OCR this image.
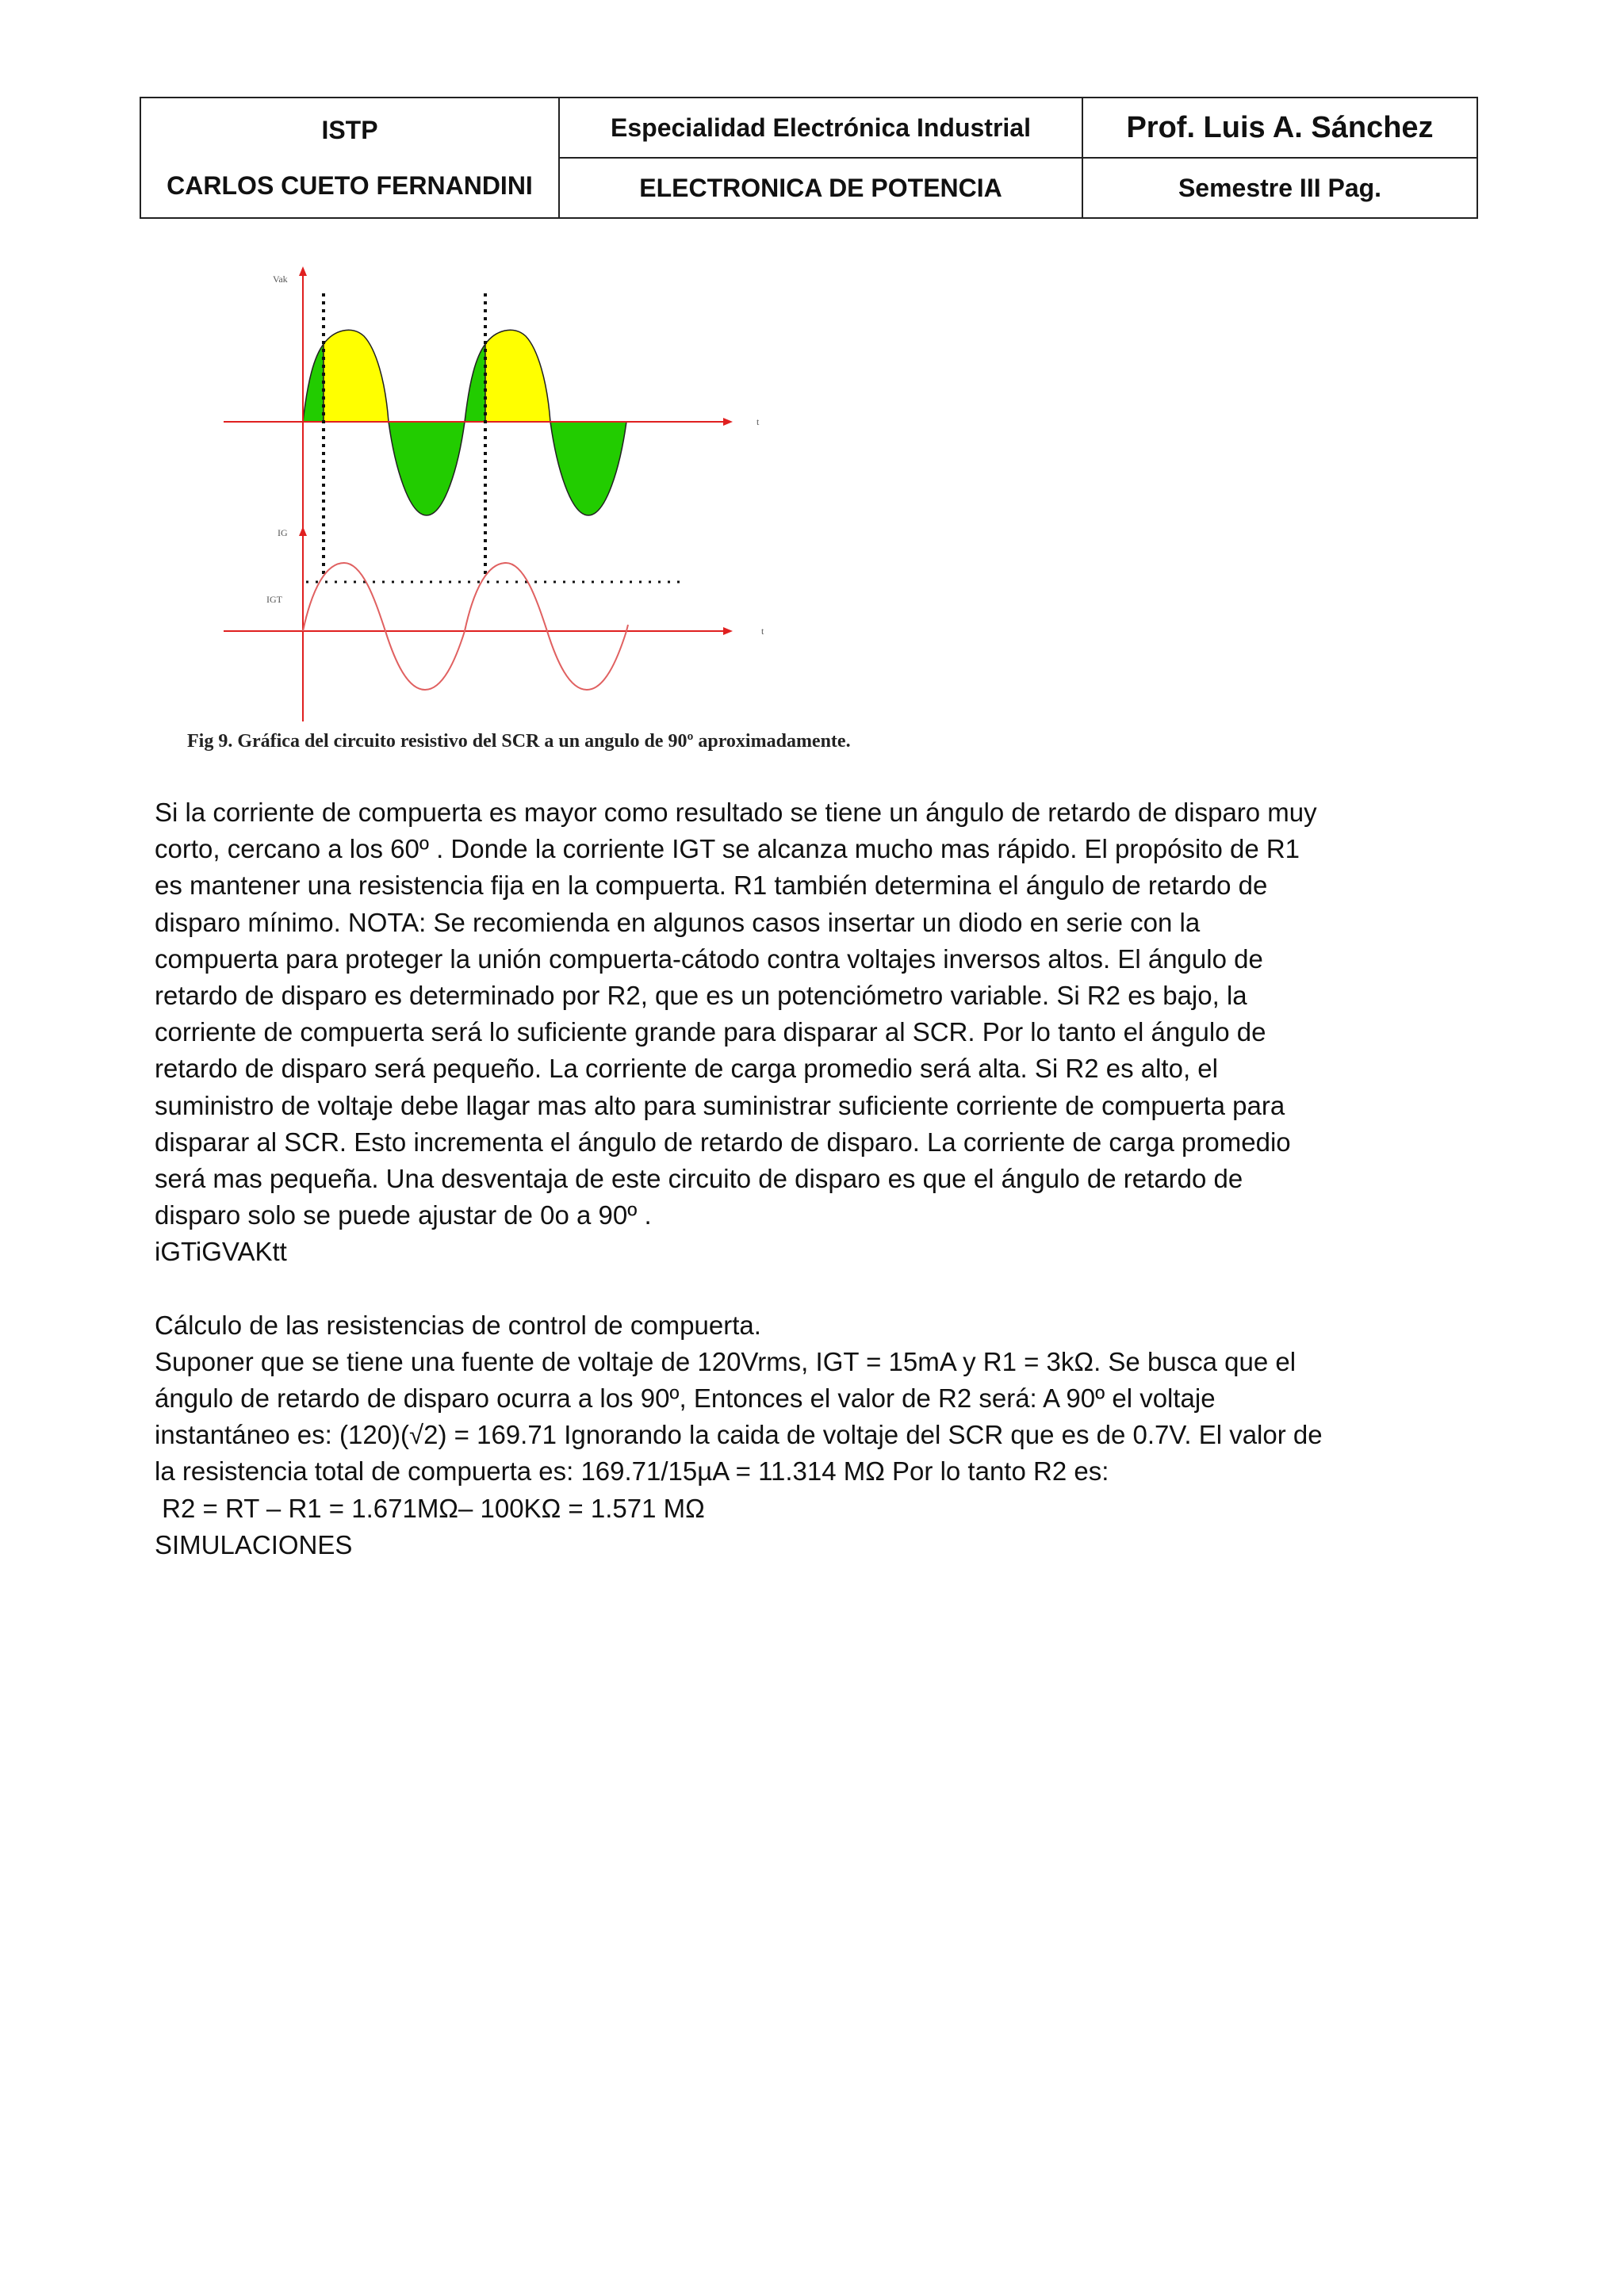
ISTP
CARLOS CUETO FERNANDINI	Especialidad Electrónica Industrial	Prof. Luis A. Sánchez
	ELECTRONICA DE POTENCIA	Semestre III Pag.
Vak
t
IG
IGT
t
Fig 9. Gráfica del circuito resistivo del SCR a un angulo de 90º aproximadamente.

Si la corriente de compuerta es mayor como resultado se tiene un ángulo de retardo de disparo muy corto, cercano a los 60º . Donde la corriente IGT se alcanza mucho mas rápido. El propósito de R1 es mantener una resistencia fija en la compuerta. R1 también determina el ángulo de retardo de disparo mínimo. NOTA: Se recomienda en algunos casos insertar un diodo en serie con la compuerta para proteger la unión compuerta-cátodo contra voltajes inversos altos. El ángulo de retardo de disparo es determinado por R2, que es un potenciómetro variable. Si R2 es bajo, la corriente de compuerta será lo suficiente grande para disparar al SCR. Por lo tanto el ángulo de retardo de disparo será pequeño. La corriente de carga promedio será alta. Si R2 es alto, el suministro de voltaje debe llagar mas alto para suministrar suficiente corriente de compuerta para disparar al SCR. Esto incrementa el ángulo de retardo de disparo. La corriente de carga promedio será mas pequeña. Una desventaja de este circuito de disparo es que el ángulo de retardo de disparo solo se puede ajustar de 0o a 90º .

iGTiGVAKtt

Cálculo de las resistencias de control de compuerta.

Suponer que se tiene una fuente de voltaje de 120Vrms, IGT = 15mA y R1 = 3kΩ. Se busca que el ángulo de retardo de disparo ocurra a los 90º, Entonces el valor de R2 será: A 90º el voltaje instantáneo es: (120)(√2) = 169.71 Ignorando la caida de voltaje del SCR que es de 0.7V. El valor de la resistencia total de compuerta es: 169.71/15µA = 11.314 MΩ Por lo tanto R2 es:

R2 = RT – R1 = 1.671MΩ– 100KΩ = 1.571 MΩ

SIMULACIONES
